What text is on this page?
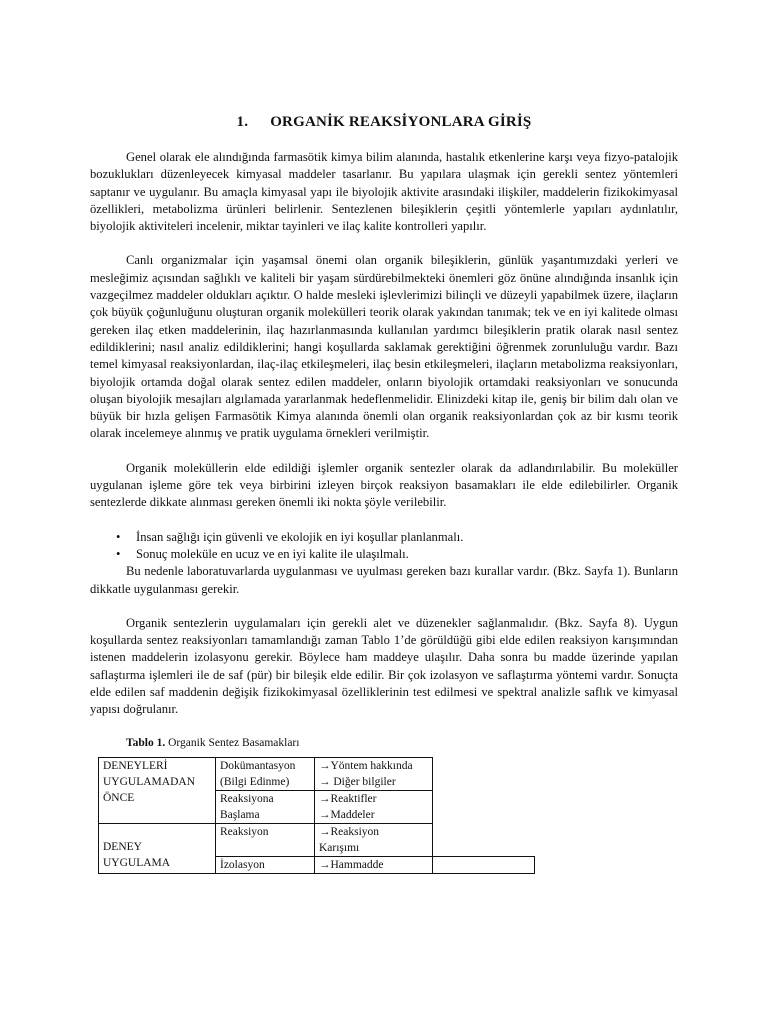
1. ORGANİK REAKSİYONLARA GİRİŞ

Genel olarak ele alındığında farmasötik kimya bilim alanında, hastalık etkenlerine karşı veya fizyo-patalojik bozuklukları düzenleyecek kimyasal maddeler tasarlanır. Bu yapılara ulaşmak için gerekli sentez yöntemleri saptanır ve uygulanır. Bu amaçla kimyasal yapı ile biyolojik aktivite arasındaki ilişkiler, maddelerin fizikokimyasal özellikleri, metabolizma ürünleri belirlenir. Sentezlenen bileşiklerin çeşitli yöntemlerle yapıları aydınlatılır, biyolojik aktiviteleri incelenir, miktar tayinleri ve ilaç kalite kontrolleri yapılır.

Canlı organizmalar için yaşamsal önemi olan organik bileşiklerin, günlük yaşantımızdaki yerleri ve mesleğimiz açısından sağlıklı ve kaliteli bir yaşam sürdürebilmekteki önemleri göz önüne alındığında insanlık için vazgeçilmez maddeler oldukları açıktır. O halde mesleki işlevlerimizi bilinçli ve düzeyli yapabilmek üzere, ilaçların çok büyük çoğunluğunu oluşturan organik molekülleri teorik olarak yakından tanımak; tek ve en iyi kalitede olması gereken ilaç etken maddelerinin, ilaç hazırlanmasında kullanılan yardımcı bileşiklerin pratik olarak nasıl sentez edildiklerini; nasıl analiz edildiklerini; hangi koşullarda saklamak gerektiğini öğrenmek zorunluluğu vardır. Bazı temel kimyasal reaksiyonlardan, ilaç-ilaç etkileşmeleri, ilaç besin etkileşmeleri, ilaçların metabolizma reaksiyonları, biyolojik ortamda doğal olarak sentez edilen maddeler, onların biyolojik ortamdaki reaksiyonları ve sonucunda oluşan biyolojik mesajları algılamada yararlanmak hedeflenmelidir. Elinizdeki kitap ile, geniş bir bilim dalı olan ve büyük bir hızla gelişen Farmasötik Kimya alanında önemli olan organik reaksiyonlardan çok az bir kısmı teorik olarak incelemeye alınmış ve pratik uygulama örnekleri verilmiştir.

Organik moleküllerin elde edildiği işlemler organik sentezler olarak da adlandırılabilir. Bu moleküller uygulanan işleme göre tek veya birbirini izleyen birçok reaksiyon basamakları ile elde edilebilirler. Organik sentezlerde dikkate alınması gereken önemli iki nokta şöyle verilebilir.

• İnsan sağlığı için güvenli ve ekolojik en iyi koşullar planlanmalı.
• Sonuç moleküle en ucuz ve en iyi kalite ile ulaşılmalı.

Bu nedenle laboratuvarlarda uygulanması ve uyulması gereken bazı kurallar vardır. (Bkz. Sayfa 1). Bunların dikkatle uygulanması gerekir.

Organik sentezlerin uygulamaları için gerekli alet ve düzenekler sağlanmalıdır. (Bkz. Sayfa 8). Uygun koşullarda sentez reaksiyonları tamamlandığı zaman Tablo 1’de görüldüğü gibi elde edilen reaksiyon karışımından istenen maddelerin izolasyonu gerekir. Böylece ham maddeye ulaşılır. Daha sonra bu madde üzerinde yapılan saflaştırma işlemleri ile de saf (pür) bir bileşik elde edilir. Bir çok izolasyon ve saflaştırma yöntemi vardır. Sonuçta elde edilen saf maddenin değişik fizikokimyasal özelliklerinin test edilmesi ve spektral analizle saflık ve kimyasal yapısı doğrulanır.

Tablo 1. Organik Sentez Basamakları
DENEYLERİ UYGULAMADAN ÖNCE	Dokümantasyon (Bilgi Edinme)	→Yöntem hakkında
→ Diğer bilgiler	

	Reaksiyona Başlama	→Reaktifler
→Maddeler	

DENEY UYGULAMA	Reaksiyon	→Reaksiyon
Karışımı	

	İzolasyon	→Hammadde	
